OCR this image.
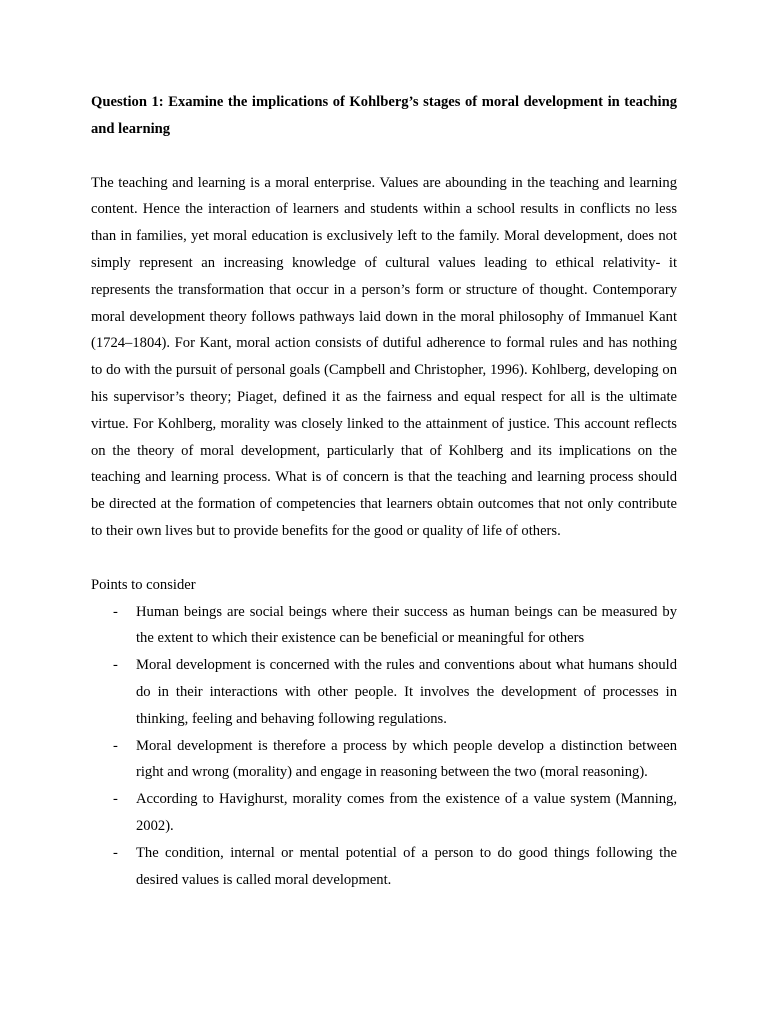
Question 1: Examine the implications of Kohlberg’s stages of moral development in teaching and learning

The teaching and learning is a moral enterprise. Values are abounding in the teaching and learning content. Hence the interaction of learners and students within a school results in conflicts no less than in families, yet moral education is exclusively left to the family. Moral development, does not simply represent an increasing knowledge of cultural values leading to ethical relativity- it represents the transformation that occur in a person’s form or structure of thought. Contemporary moral development theory follows pathways laid down in the moral philosophy of Immanuel Kant (1724–1804). For Kant, moral action consists of dutiful adherence to formal rules and has nothing to do with the pursuit of personal goals (Campbell and Christopher, 1996). Kohlberg, developing on his supervisor’s theory; Piaget, defined it as the fairness and equal respect for all is the ultimate virtue. For Kohlberg, morality was closely linked to the attainment of justice. This account reflects on the theory of moral development, particularly that of Kohlberg and its implications on the teaching and learning process. What is of concern is that the teaching and learning process should be directed at the formation of competencies that learners obtain outcomes that not only contribute to their own lives but to provide benefits for the good or quality of life of others.

Points to consider

- Human beings are social beings where their success as human beings can be measured by the extent to which their existence can be beneficial or meaningful for others
- Moral development is concerned with the rules and conventions about what humans should do in their interactions with other people. It involves the development of processes in thinking, feeling and behaving following regulations.
- Moral development is therefore a process by which people develop a distinction between right and wrong (morality) and engage in reasoning between the two (moral reasoning).
- According to Havighurst, morality comes from the existence of a value system (Manning, 2002).
- The condition, internal or mental potential of a person to do good things following the desired values is called moral development.
